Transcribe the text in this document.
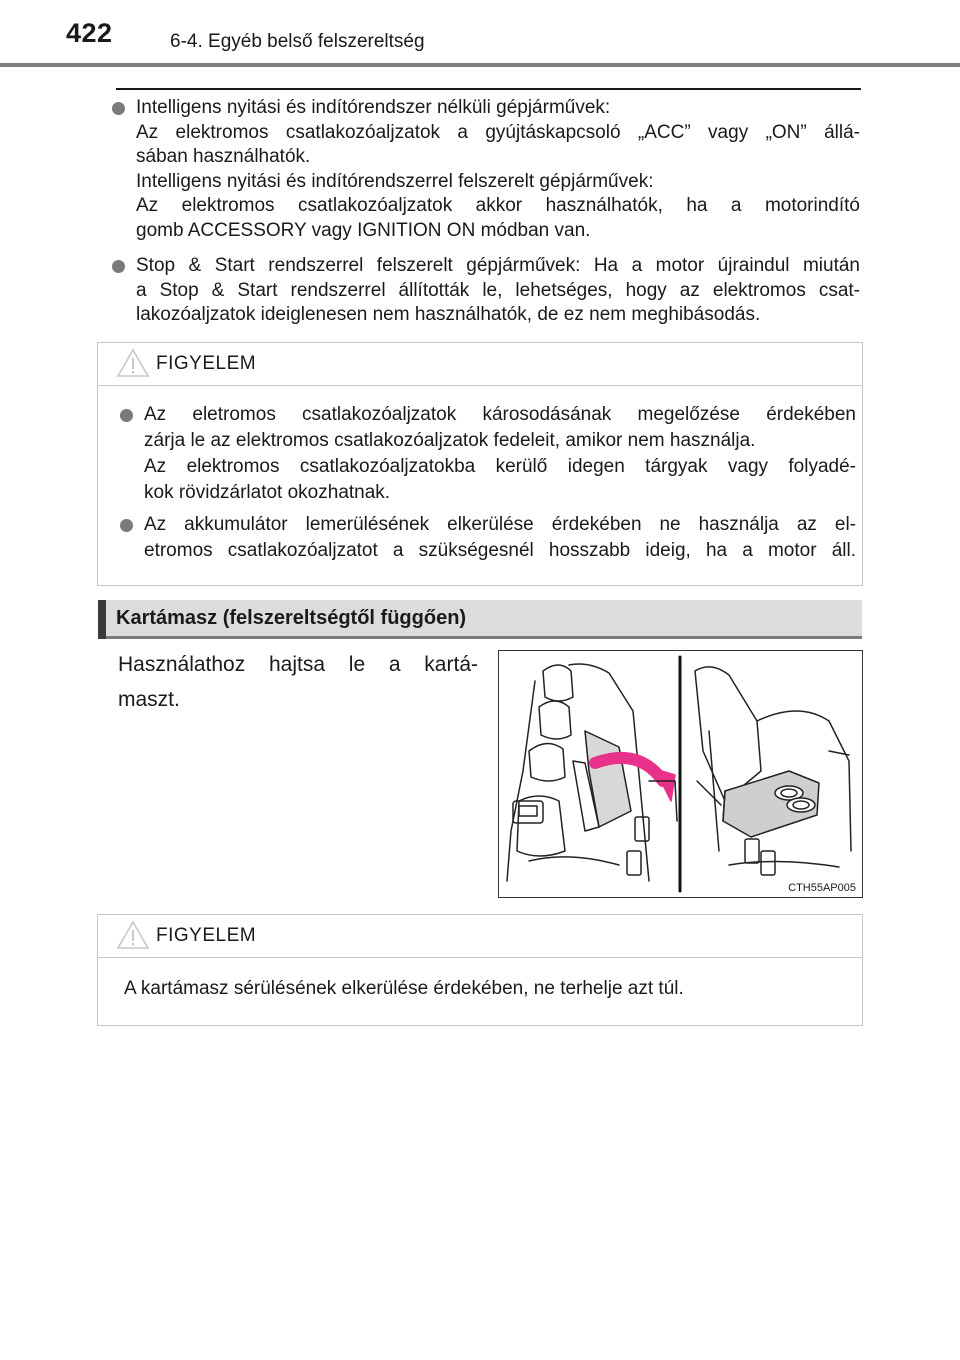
422	6-4. Egyéb belső felszereltség
Intelligens nyitási és indítórendszer nélküli gépjárművek:
Az elektromos csatlakozóaljzatok a gyújtáskapcsoló „ACC” vagy „ON” állá-
sában használhatók.
Intelligens nyitási és indítórendszerrel felszerelt gépjárművek:
Az elektromos csatlakozóaljzatok akkor használhatók, ha a motorindító
gomb ACCESSORY vagy IGNITION ON módban van.
Stop & Start rendszerrel felszerelt gépjárművek: Ha a motor újraindul miután
a Stop & Start rendszerrel állították le, lehetséges, hogy az elektromos csat-
lakozóaljzatok ideiglenesen nem használhatók, de ez nem meghibásodás.
FIGYELEM
Az eletromos csatlakozóaljzatok károsodásának megelőzése érdekében
zárja le az elektromos csatlakozóaljzatok fedeleit, amikor nem használja.
Az elektromos csatlakozóaljzatokba kerülő idegen tárgyak vagy folyadé-
kok rövidzárlatot okozhatnak.
Az akkumulátor lemerülésének elkerülése érdekében ne használja az el-
etromos csatlakozóaljzatot a szükségesnél hosszabb ideig, ha a motor áll.
Kartámasz (felszereltségtől függően)
Használathoz hajtsa le a kartá-
maszt.
CTH55AP005
FIGYELEM
A kartámasz sérülésének elkerülése érdekében, ne terhelje azt túl.
